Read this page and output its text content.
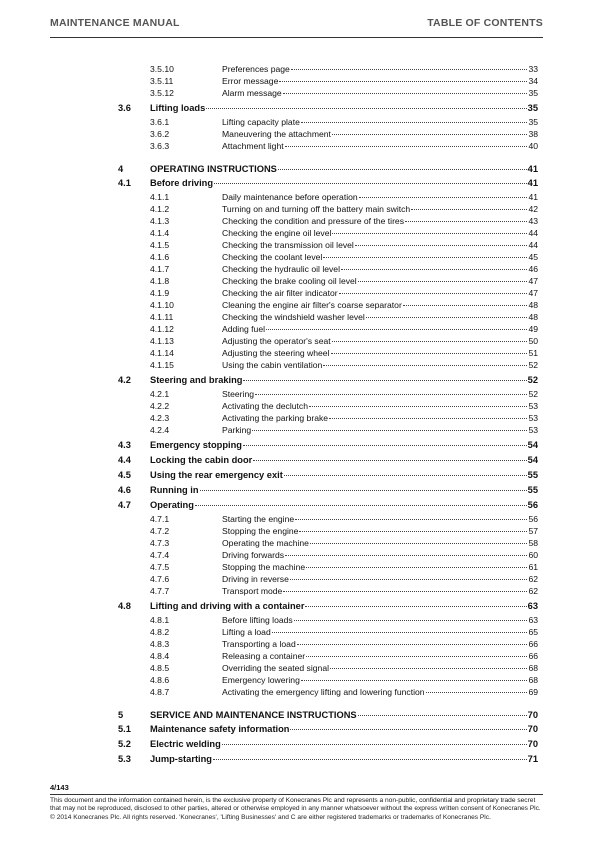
MAINTENANCE MANUAL	TABLE OF CONTENTS
3.5.10	Preferences page	33
3.5.11	Error message	34
3.5.12	Alarm message	35
3.6 Lifting loads	35
3.6.1	Lifting capacity plate	35
3.6.2	Maneuvering the attachment	38
3.6.3	Attachment light	40
4	OPERATING INSTRUCTIONS	41
4.1 Before driving	41
4.1.1	Daily maintenance before operation	41
4.1.2	Turning on and turning off the battery main switch	42
4.1.3	Checking the condition and pressure of the tires	43
4.1.4	Checking the engine oil level	44
4.1.5	Checking the transmission oil level	44
4.1.6	Checking the coolant level	45
4.1.7	Checking the hydraulic oil level	46
4.1.8	Checking the brake cooling oil level	47
4.1.9	Checking the air filter indicator	47
4.1.10	Cleaning the engine air filter's coarse separator	48
4.1.11	Checking the windshield washer level	48
4.1.12	Adding fuel	49
4.1.13	Adjusting the operator's seat	50
4.1.14	Adjusting the steering wheel	51
4.1.15	Using the cabin ventilation	52
4.2 Steering and braking	52
4.2.1	Steering	52
4.2.2	Activating the declutch	53
4.2.3	Activating the parking brake	53
4.2.4	Parking	53
4.3 Emergency stopping	54
4.4 Locking the cabin door	54
4.5 Using the rear emergency exit	55
4.6 Running in	55
4.7 Operating	56
4.7.1	Starting the engine	56
4.7.2	Stopping the engine	57
4.7.3	Operating the machine	58
4.7.4	Driving forwards	60
4.7.5	Stopping the machine	61
4.7.6	Driving in reverse	62
4.7.7	Transport mode	62
4.8 Lifting and driving with a container	63
4.8.1	Before lifting loads	63
4.8.2	Lifting a load	65
4.8.3	Transporting a load	66
4.8.4	Releasing a container	66
4.8.5	Overriding the seated signal	68
4.8.6	Emergency lowering	68
4.8.7	Activating the emergency lifting and lowering function	69
5	SERVICE AND MAINTENANCE INSTRUCTIONS	70
5.1 Maintenance safety information	70
5.2 Electric welding	70
5.3 Jump-starting	71
4/143
This document and the information contained herein, is the exclusive property of Konecranes Plc and represents a non-public, confidential and proprietary trade secret that may not be reproduced, disclosed to other parties, altered or otherwise employed in any manner whatsoever without the express written consent of Konecranes Plc. © 2014 Konecranes Plc. All rights reserved. 'Konecranes', 'Lifting Businesses' and C are either registered trademarks or trademarks of Konecranes Plc.
